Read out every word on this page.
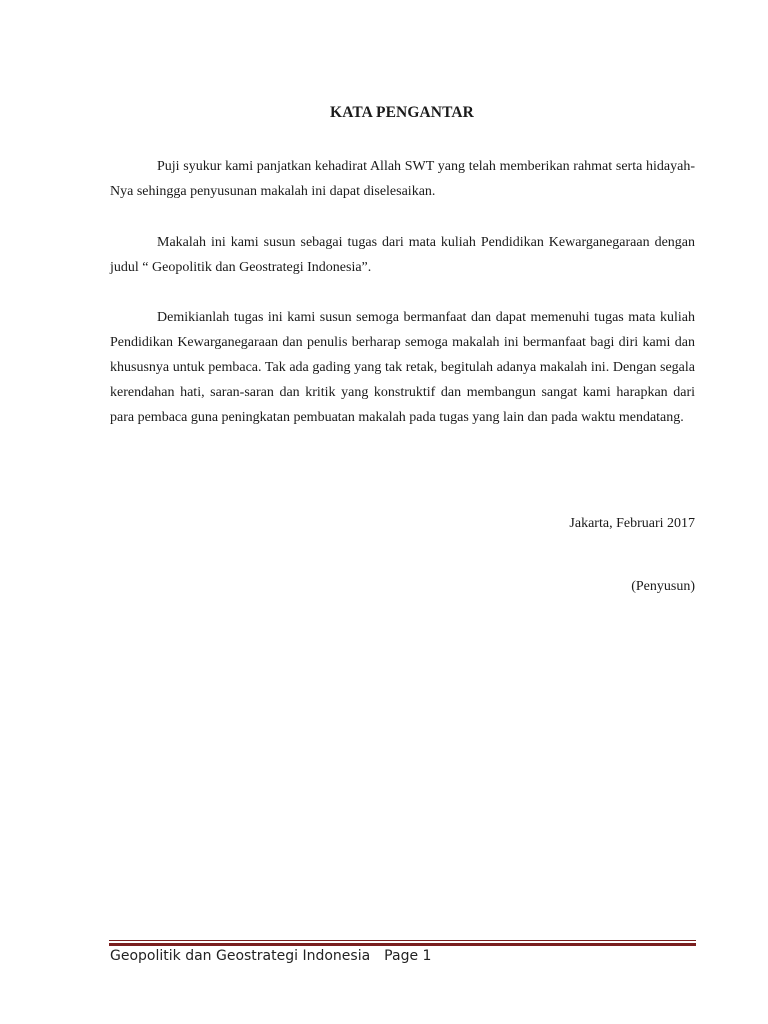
KATA PENGANTAR

Puji syukur kami panjatkan kehadirat Allah SWT yang telah memberikan rahmat serta hidayah-Nya sehingga penyusunan makalah ini dapat diselesaikan.

Makalah ini kami susun sebagai tugas dari mata kuliah Pendidikan Kewarganegaraan dengan judul “ Geopolitik dan Geostrategi Indonesia”.

Demikianlah tugas ini kami susun semoga bermanfaat dan dapat memenuhi tugas mata kuliah Pendidikan Kewarganegaraan dan penulis berharap semoga makalah ini bermanfaat bagi diri kami dan khususnya untuk pembaca. Tak ada gading yang tak retak, begitulah adanya makalah ini. Dengan segala kerendahan hati, saran-saran dan kritik yang konstruktif dan membangun sangat kami harapkan dari para pembaca guna peningkatan pembuatan makalah pada tugas yang lain dan pada waktu mendatang.

Jakarta, Februari 2017
(Penyusun)
Geopolitik dan Geostrategi Indonesia Page 1
